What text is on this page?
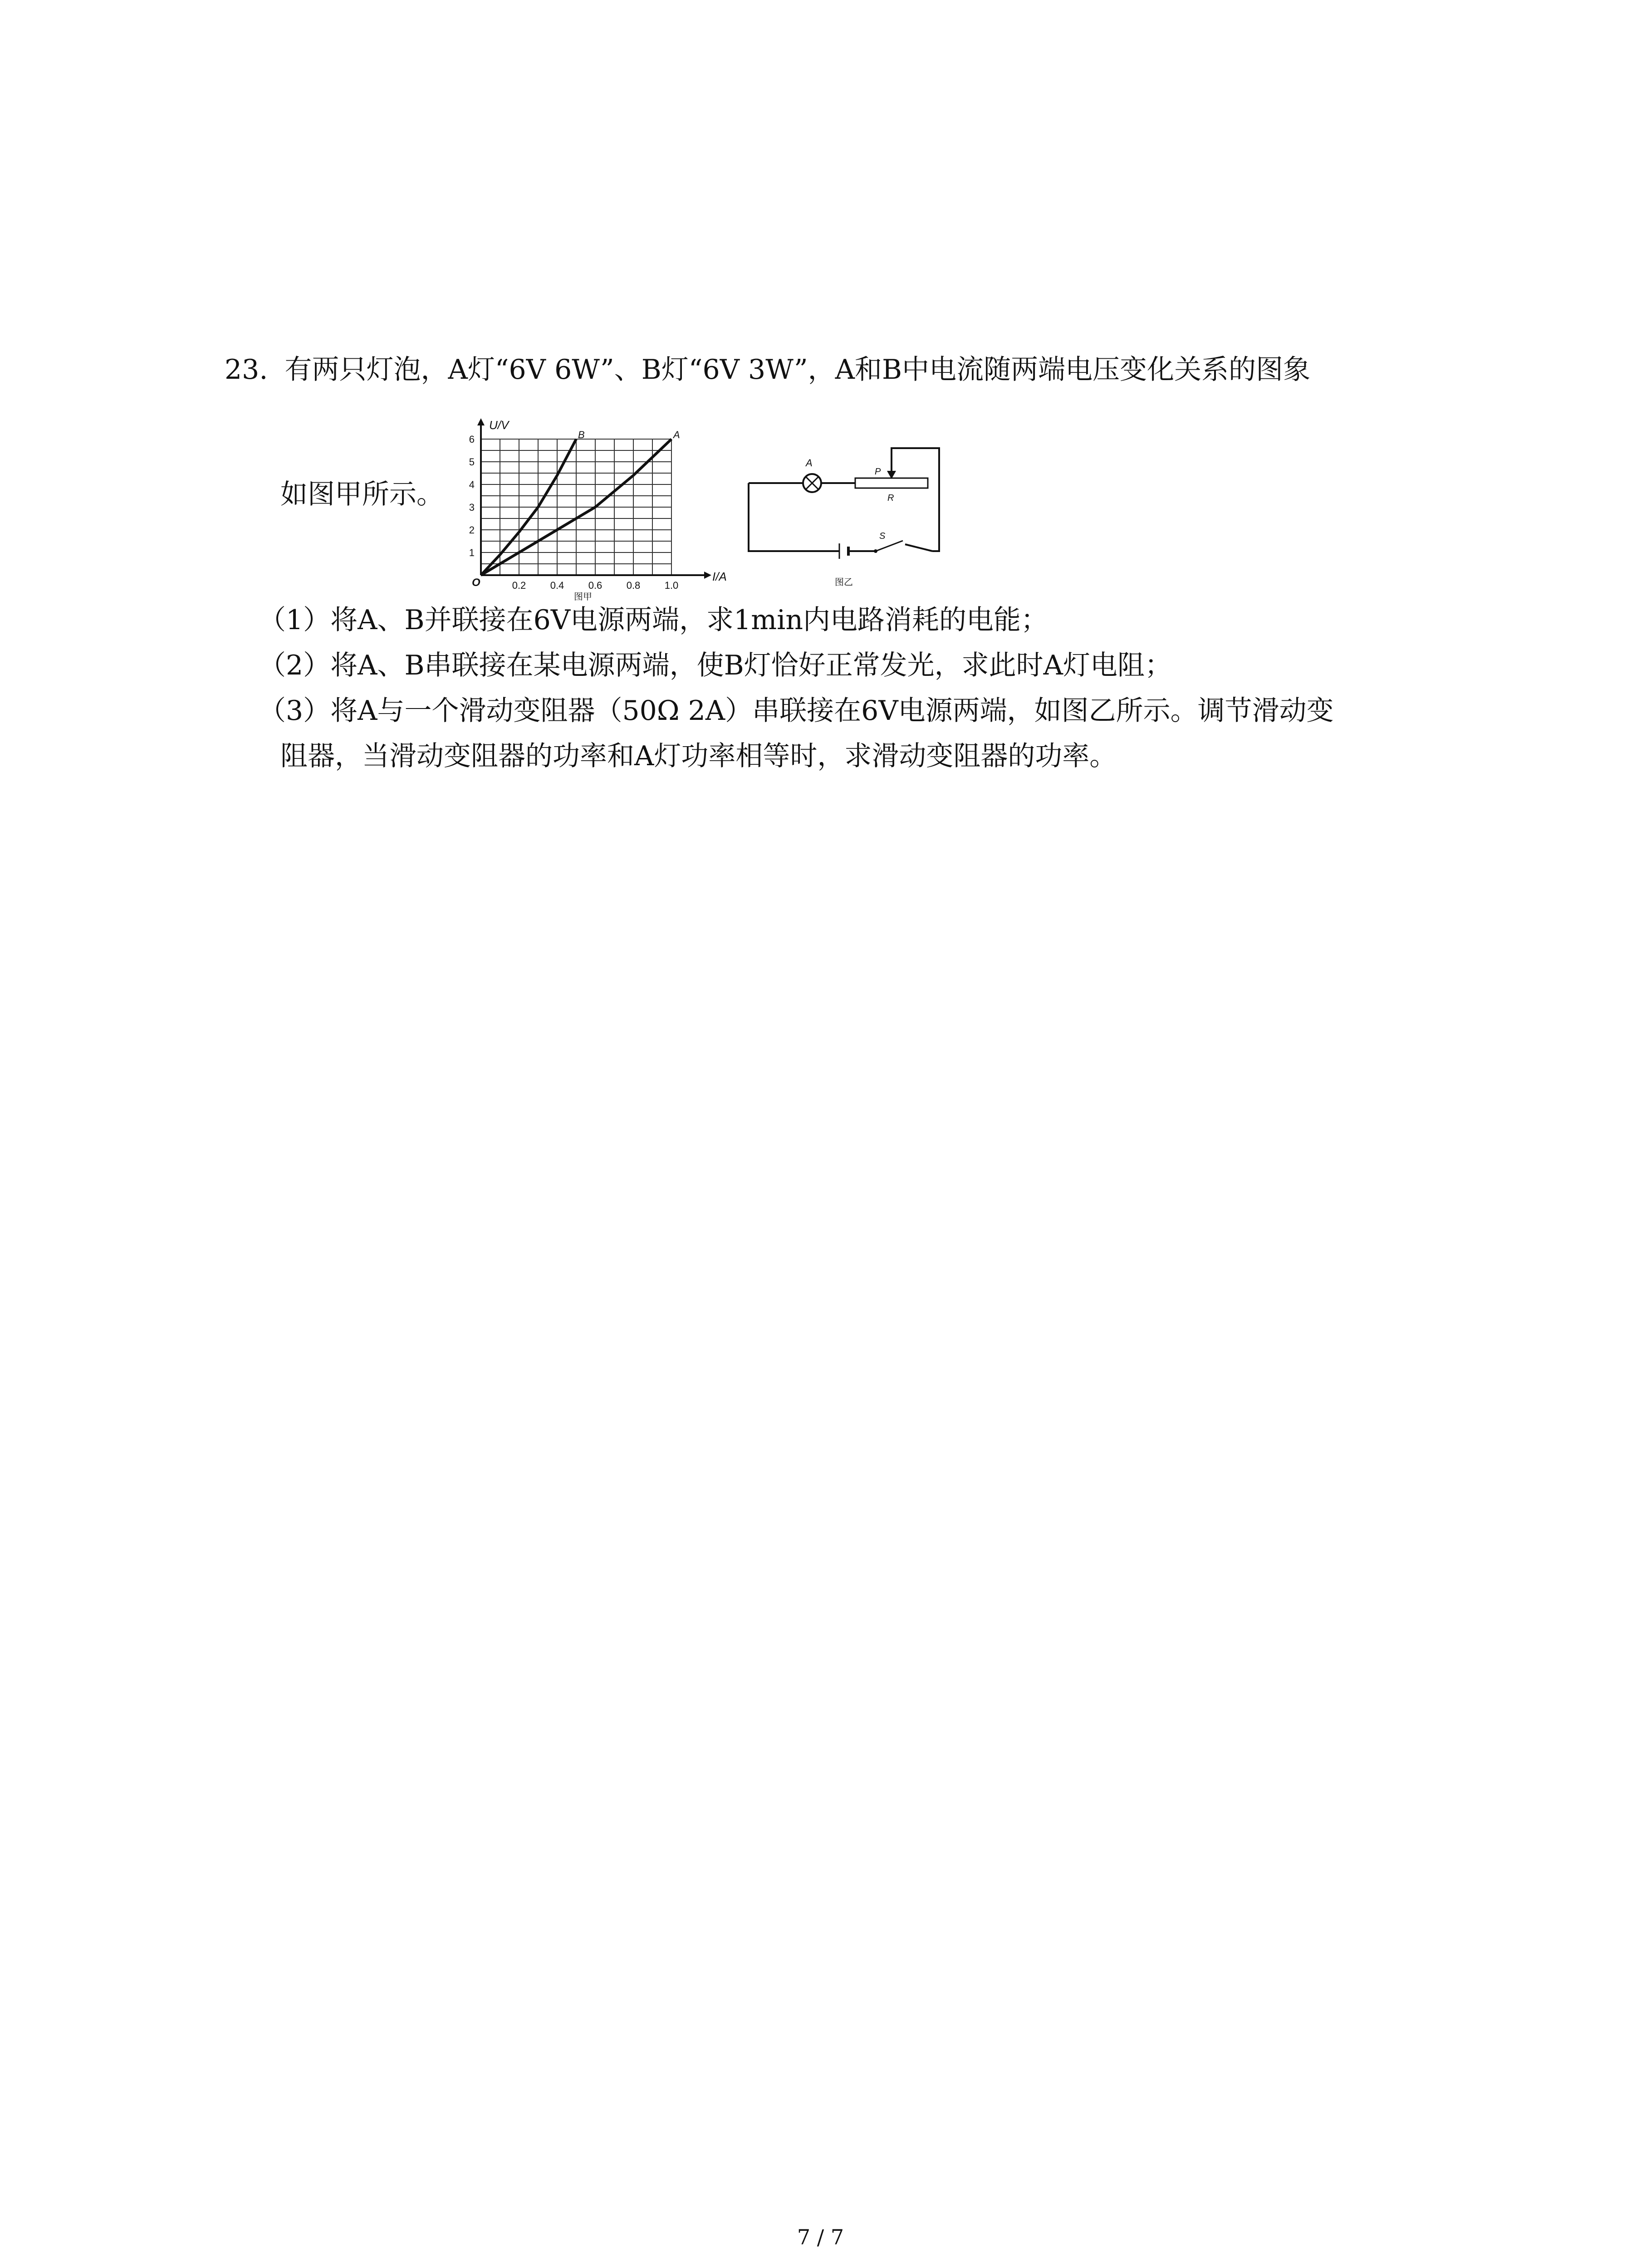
23. 有两只灯泡，A灯“6V 6W”、B灯“6V 3W”，A和B中电流随两端电压变化关系的图象
如图甲所示。
1
2
3
4
5
6
0.2 0.4 0.6 0.8 1.0
B	A
U/V
I/A
O
图甲
A
P
R
S
图乙
（1）将A、B并联接在6V电源两端，求1min内电路消耗的电能；
（2）将A、B串联接在某电源两端，使B灯恰好正常发光，求此时A灯电阻；
（3）将A与一个滑动变阻器（50Ω 2A）串联接在6V电源两端，如图乙所示。调节滑动变
阻器，当滑动变阻器的功率和A灯功率相等时，求滑动变阻器的功率。
7 / 7
